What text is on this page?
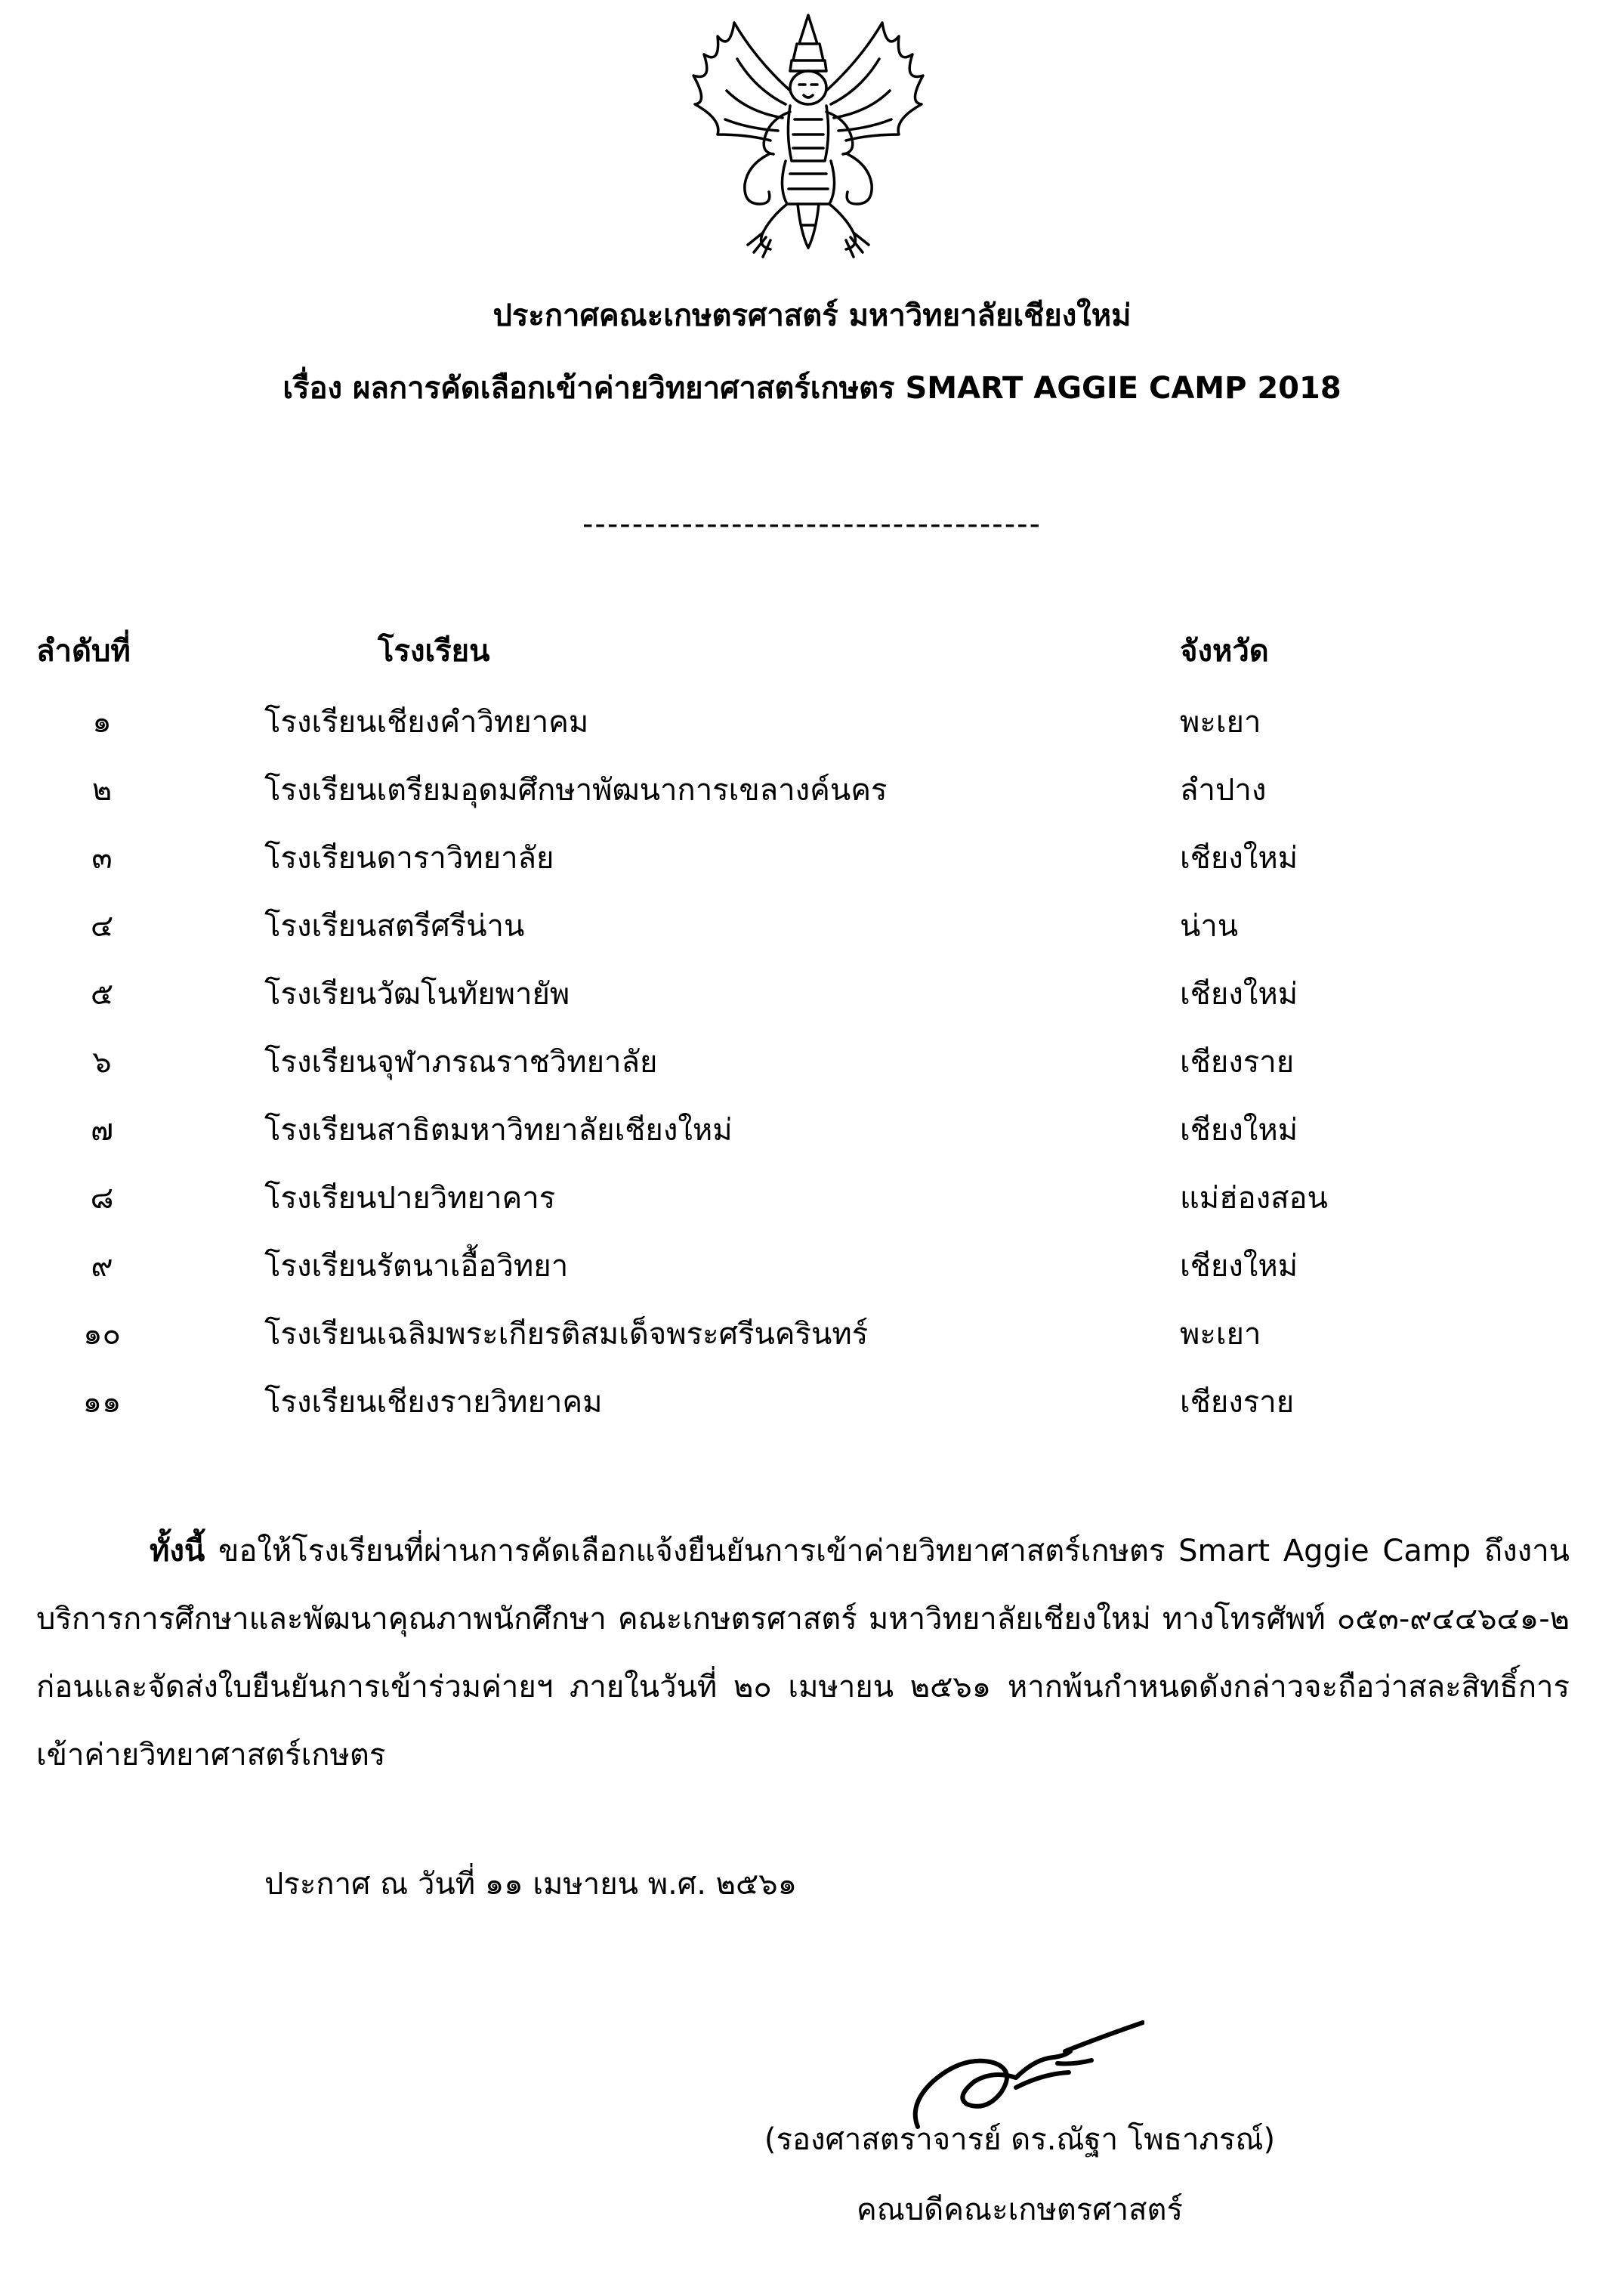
ประกาศคณะเกษตรศาสตร์ มหาวิทยาลัยเชียงใหม่
เรื่อง ผลการคัดเลือกเข้าค่ายวิทยาศาสตร์เกษตร SMART AGGIE CAMP 2018
-------------------------------------
ลำดับที่	โรงเรียน	จังหวัด
๑	โรงเรียนเชียงคำวิทยาคม	พะเยา
๒	โรงเรียนเตรียมอุดมศึกษาพัฒนาการเขลางค์นคร	ลำปาง
๓	โรงเรียนดาราวิทยาลัย	เชียงใหม่
๔	โรงเรียนสตรีศรีน่าน	น่าน
๕	โรงเรียนวัฒโนทัยพายัพ	เชียงใหม่
๖	โรงเรียนจุฬาภรณราชวิทยาลัย	เชียงราย
๗	โรงเรียนสาธิตมหาวิทยาลัยเชียงใหม่	เชียงใหม่
๘	โรงเรียนปายวิทยาคาร	แม่ฮ่องสอน
๙	โรงเรียนรัตนาเอื้อวิทยา	เชียงใหม่
๑๐	โรงเรียนเฉลิมพระเกียรติสมเด็จพระศรีนครินทร์	พะเยา
๑๑	โรงเรียนเชียงรายวิทยาคม	เชียงราย
ทั้งนี้ ขอให้โรงเรียนที่ผ่านการคัดเลือกแจ้งยืนยันการเข้าค่ายวิทยาศาสตร์เกษตร Smart Aggie Camp ถึงงานบริการการศึกษาและพัฒนาคุณภาพนักศึกษา คณะเกษตรศาสตร์ มหาวิทยาลัยเชียงใหม่ ทางโทรศัพท์ ๐๕๓-๙๔๔๖๔๑-๒ ก่อนและจัดส่งใบยืนยันการเข้าร่วมค่ายฯ ภายในวันที่ ๒๐ เมษายน ๒๕๖๑ หากพ้นกำหนดดังกล่าวจะถือว่าสละสิทธิ์การเข้าค่ายวิทยาศาสตร์เกษตร
ประกาศ ณ วันที่ ๑๑ เมษายน พ.ศ. ๒๕๖๑
(รองศาสตราจารย์ ดร.ณัฐา โพธาภรณ์)
คณบดีคณะเกษตรศาสตร์
